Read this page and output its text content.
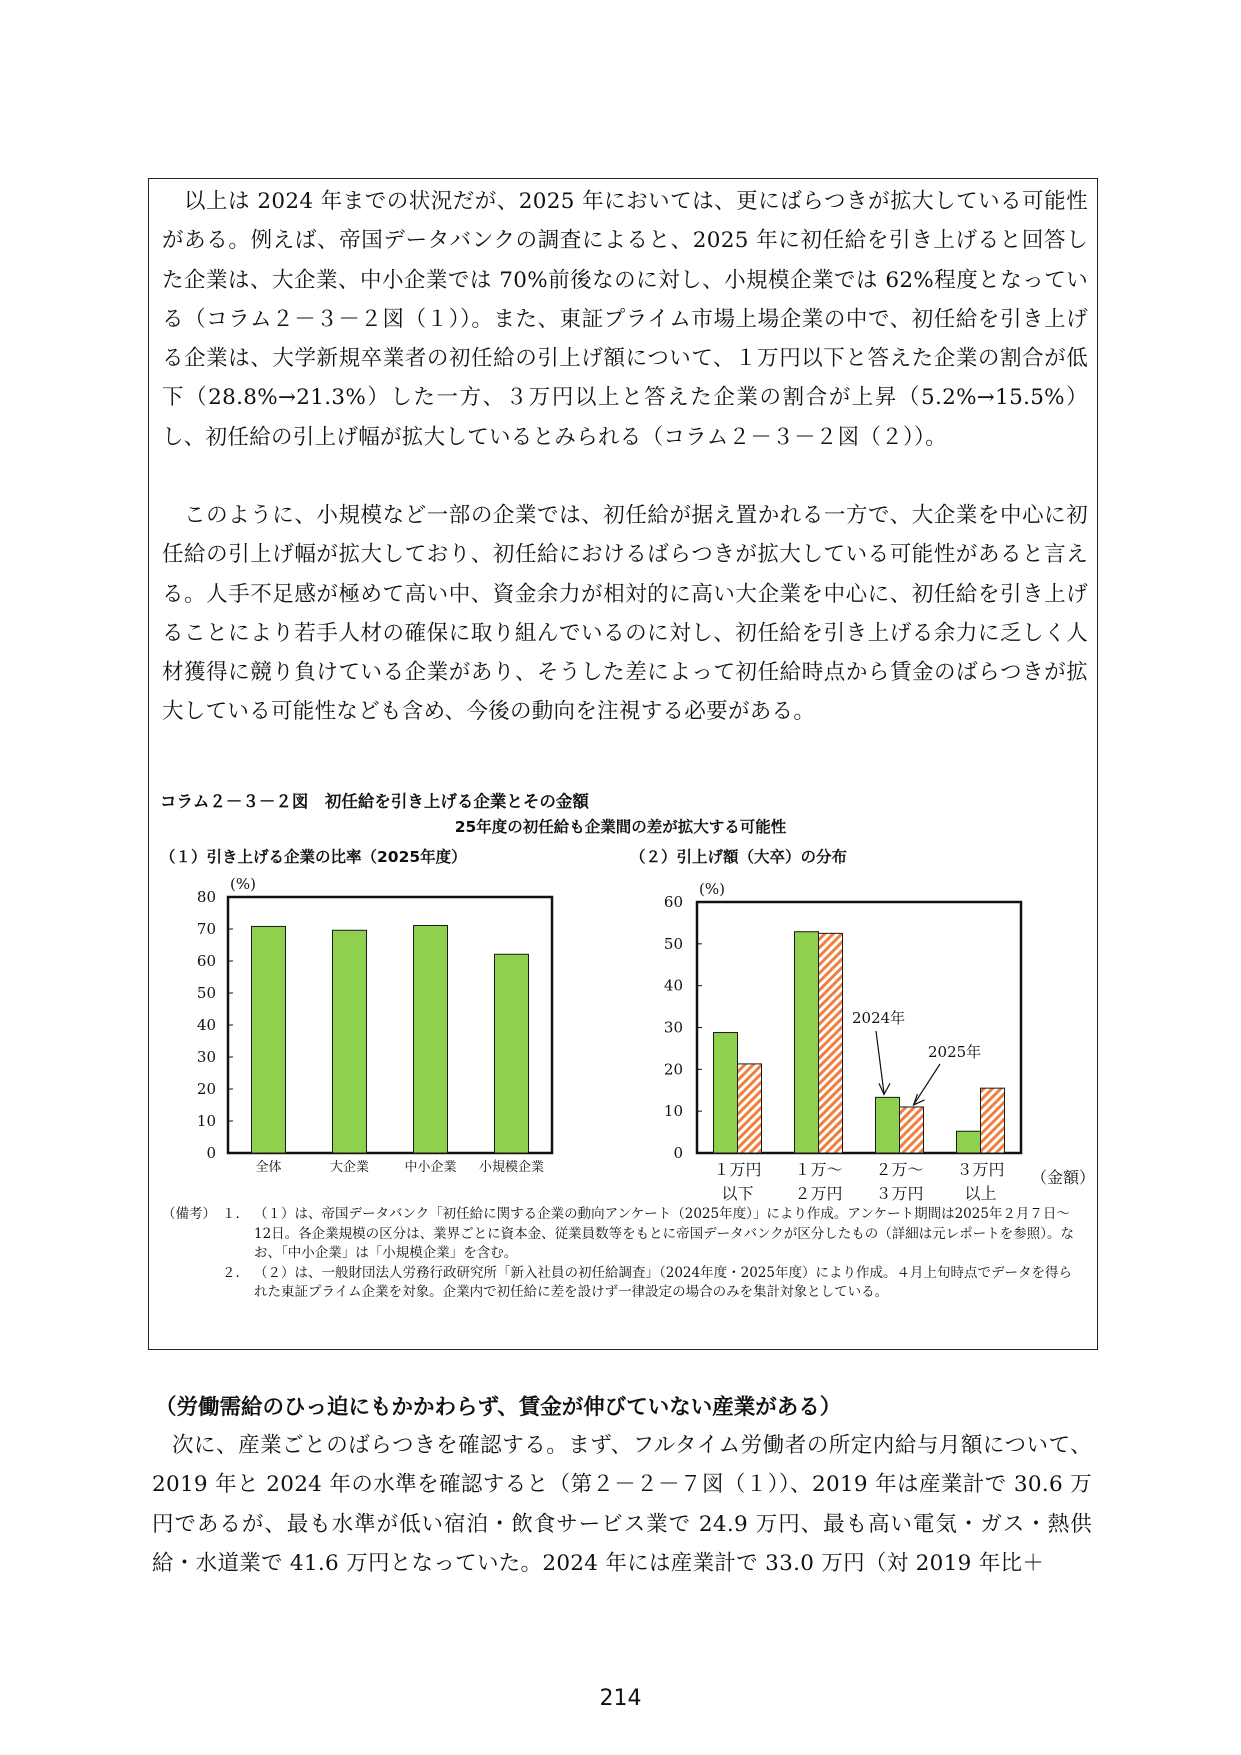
以上は 2024 年までの状況だが、2025 年においては、更にばらつきが拡大している可能性がある。例えば、帝国データバンクの調査によると、2025 年に初任給を引き上げると回答した企業は、大企業、中小企業では 70%前後なのに対し、小規模企業では 62%程度となっている（コラム２－３－２図（１））。また、東証プライム市場上場企業の中で、初任給を引き上げる企業は、大学新規卒業者の初任給の引上げ額について、１万円以下と答えた企業の割合が低下（28.8%→21.3%）した一方、３万円以上と答えた企業の割合が上昇（5.2%→15.5%）し、初任給の引上げ幅が拡大しているとみられる（コラム２－３－２図（２））。

このように、小規模など一部の企業では、初任給が据え置かれる一方で、大企業を中心に初任給の引上げ幅が拡大しており、初任給におけるばらつきが拡大している可能性があると言える。人手不足感が極めて高い中、資金余力が相対的に高い大企業を中心に、初任給を引き上げることにより若手人材の確保に取り組んでいるのに対し、初任給を引き上げる余力に乏しく人材獲得に競り負けている企業があり、そうした差によって初任給時点から賃金のばらつきが拡大している可能性なども含め、今後の動向を注視する必要がある。

コラム２－３－２図　初任給を引き上げる企業とその金額
25年度の初任給も企業間の差が拡大する可能性
（１）引き上げる企業の比率（2025年度）	（２）引上げ額（大卒）の分布
0
10
20
30
40
50
60
70
80
(%)
全体	大企業	中小企業 小規模企業
0
10
20
30
40
50
60
(%)
（金額）
１万円
以下
１万～
２万円
２万～
３万円
３万円
以上
2024年
2025年
（備考） １． （１）は、帝国データバンク「初任給に関する企業の動向アンケート（2025年度）」により作成。アンケート期間は2025年２月７日～12日。各企業規模の区分は、業界ごとに資本金、従業員数等をもとに帝国データバンクが区分したもの（詳細は元レポートを参照）。なお、「中小企業」は「小規模企業」を含む。
２． （２）は、一般財団法人労務行政研究所「新入社員の初任給調査」（2024年度・2025年度）により作成。４月上旬時点でデータを得られた東証プライム企業を対象。企業内で初任給に差を設けず一律設定の場合のみを集計対象としている。
（労働需給のひっ迫にもかかわらず、賃金が伸びていない産業がある）

次に、産業ごとのばらつきを確認する。まず、フルタイム労働者の所定内給与月額について、2019 年と 2024 年の水準を確認すると（第２－２－７図（１））、2019 年は産業計で 30.6 万円であるが、最も水準が低い宿泊・飲食サービス業で 24.9 万円、最も高い電気・ガス・熱供給・水道業で 41.6 万円となっていた。2024 年には産業計で 33.0 万円（対 2019 年比＋

214
